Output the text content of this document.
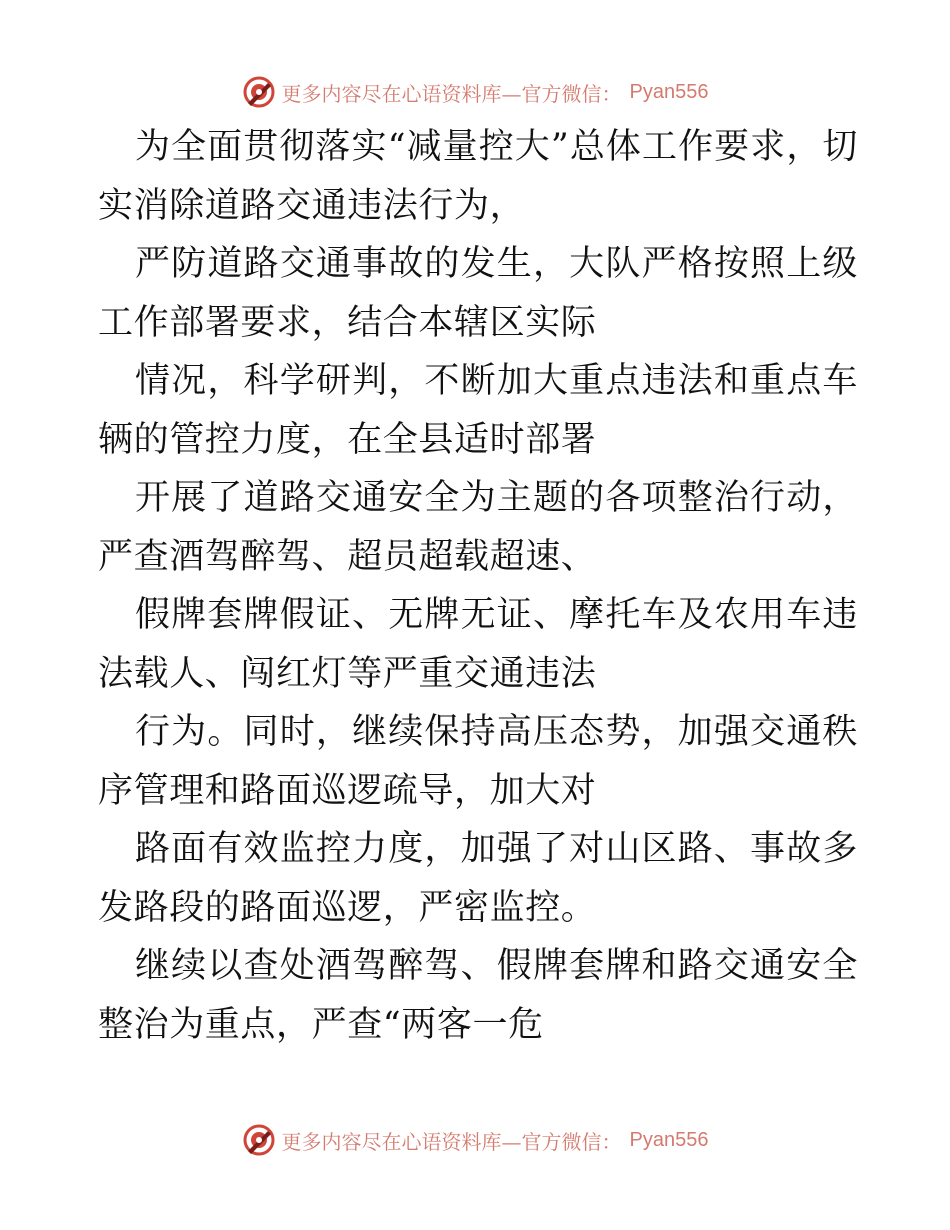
更多内容尽在心语资料库—官方微信： Pyan556

为全面贯彻落实“减量控大”总体工作要求，切实消除道路交通违法行为，

严防道路交通事故的发生，大队严格按照上级工作部署要求，结合本辖区实际

情况，科学研判，不断加大重点违法和重点车辆的管控力度，在全县适时部署

开展了道路交通安全为主题的各项整治行动，严查酒驾醉驾、超员超载超速、

假牌套牌假证、无牌无证、摩托车及农用车违法载人、闯红灯等严重交通违法

行为。同时，继续保持高压态势，加强交通秩序管理和路面巡逻疏导，加大对

路面有效监控力度，加强了对山区路、事故多发路段的路面巡逻，严密监控。

继续以查处酒驾醉驾、假牌套牌和路交通安全整治为重点，严查“两客一危

更多内容尽在心语资料库—官方微信： Pyan556
